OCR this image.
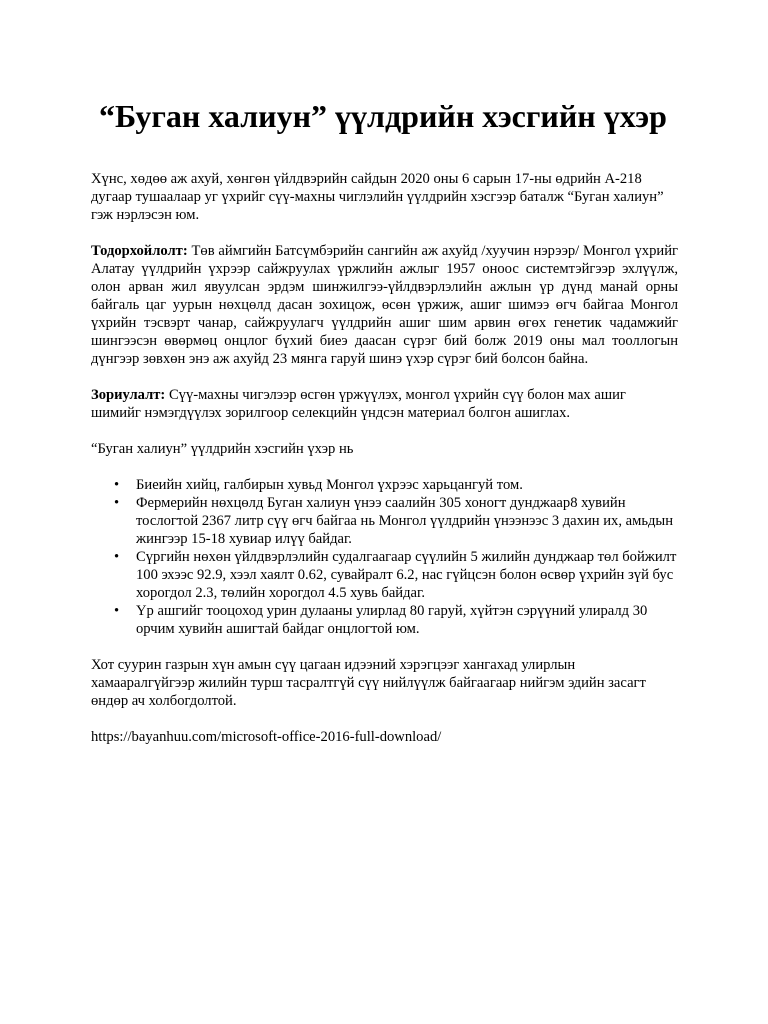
“Буган халиун” үүлдрийн хэсгийн үхэр

Хүнс, хөдөө аж ахуй, хөнгөн үйлдвэрийн сайдын 2020 оны 6 сарын 17-ны өдрийн А-218 дугаар тушаалаар уг үхрийг сүү-махны чиглэлийн үүлдрийн хэсгээр баталж “Буган халиун” гэж нэрлэсэн юм.

Тодорхойлолт: Төв аймгийн Батсүмбэрийн сангийн аж ахуйд /хуучин нэрээр/ Монгол үхрийг Алатау үүлдрийн үхрээр сайжруулах үржлийн ажлыг 1957 оноос системтэйгээр эхлүүлж, олон арван жил явуулсан эрдэм шинжилгээ-үйлдвэрлэлийн ажлын үр дүнд манай орны байгаль цаг уурын нөхцөлд дасан зохицож, өсөн үржиж, ашиг шимээ өгч байгаа Монгол үхрийн тэсвэрт чанар, сайжруулагч үүлдрийн ашиг шим арвин өгөх генетик чадамжийг шингээсэн өвөрмөц онцлог бүхий биеэ даасан сүрэг бий болж 2019 оны мал тооллогын дүнгээр зөвхөн энэ аж ахуйд 23 мянга гаруй шинэ үхэр сүрэг бий болсон байна.

Зориулалт: Сүү-махны чигэлээр өсгөн үржүүлэх, монгол үхрийн сүү болон мах ашиг шимийг нэмэгдүүлэх зорилгоор селекцийн үндсэн материал болгон ашиглах.

“Буган халиун” үүлдрийн хэсгийн үхэр нь

• Биеийн хийц, галбирын хувьд Монгол үхрээс харьцангуй том.
• Фермерийн нөхцөлд Буган халиун үнээ саалийн 305 хоногт дунджаар8 хувийн тослогтой 2367 литр сүү өгч байгаа нь Монгол үүлдрийн үнээнээс 3 дахин их, амьдын жингээр 15-18 хувиар илүү байдаг.
• Сүргийн нөхөн үйлдвэрлэлийн судалгаагаар сүүлийн 5 жилийн дунджаар төл бойжилт 100 эхээс 92.9, хээл хаялт 0.62, сувайралт 6.2, нас гүйцсэн болон өсвөр үхрийн зүй бус хорогдол 2.3, төлийн хорогдол 4.5 хувь байдаг.
• Үр ашгийг тооцоход урин дулааны улирлад 80 гаруй, хүйтэн сэрүүний улиралд 30 орчим хувийн ашигтай байдаг онцлогтой юм.

Хот суурин газрын хүн амын сүү цагаан идээний хэрэгцээг хангахад улирлын хамааралгүйгээр жилийн турш тасралтгүй сүү нийлүүлж байгаагаар нийгэм эдийн засагт өндөр ач холбогдолтой.

https://bayanhuu.com/microsoft-office-2016-full-download/
